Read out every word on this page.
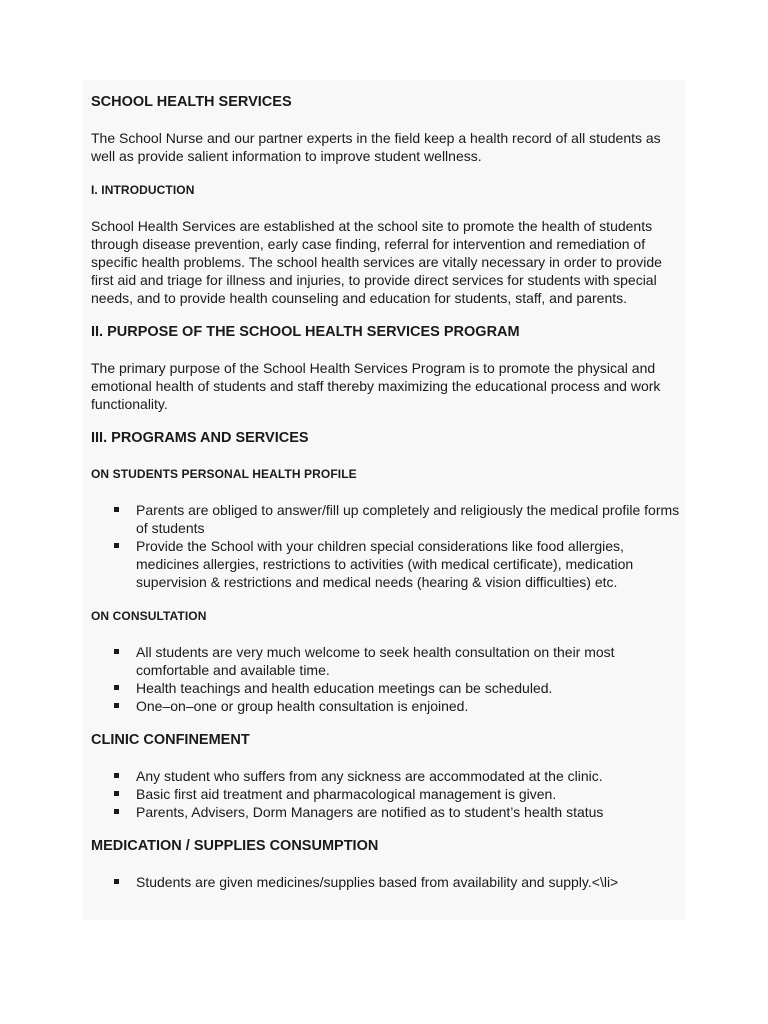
SCHOOL HEALTH SERVICES

The School Nurse and our partner experts in the field keep a health record of all students as well as provide salient information to improve student wellness.

I. INTRODUCTION

School Health Services are established at the school site to promote the health of students through disease prevention, early case finding, referral for intervention and remediation of specific health problems. The school health services are vitally necessary in order to provide first aid and triage for illness and injuries, to provide direct services for students with special needs, and to provide health counseling and education for students, staff, and parents.

II. PURPOSE OF THE SCHOOL HEALTH SERVICES PROGRAM

The primary purpose of the School Health Services Program is to promote the physical and emotional health of students and staff thereby maximizing the educational process and work functionality.

III. PROGRAMS AND SERVICES
ON STUDENTS PERSONAL HEALTH PROFILE
Parents are obliged to answer/fill up completely and religiously the medical profile forms of students
Provide the School with your children special considerations like food allergies, medicines allergies, restrictions to activities (with medical certificate), medication supervision & restrictions and medical needs (hearing & vision difficulties) etc.
ON CONSULTATION
All students are very much welcome to seek health consultation on their most comfortable and available time.
Health teachings and health education meetings can be scheduled.
One–on–one or group health consultation is enjoined.
CLINIC CONFINEMENT
Any student who suffers from any sickness are accommodated at the clinic.
Basic first aid treatment and pharmacological management is given.
Parents, Advisers, Dorm Managers are notified as to student’s health status
MEDICATION / SUPPLIES CONSUMPTION
Students are given medicines/supplies based from availability and supply.<\li>
